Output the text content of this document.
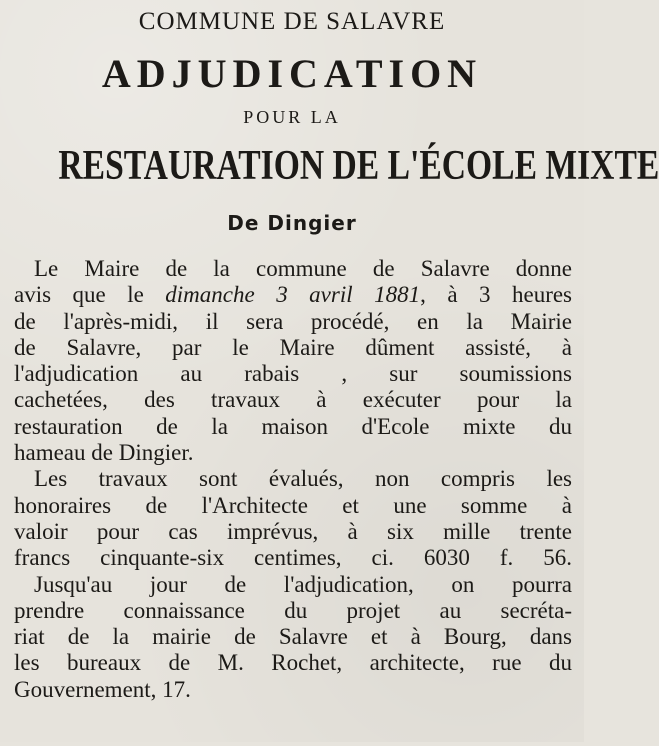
COMMUNE DE SALAVRE
ADJUDICATION
POUR LA
RESTAURATION DE L'ÉCOLE MIXTE
De Dingier
Le Maire de la commune de Salavre donne
avis que le dimanche 3 avril 1881, à 3 heures
de l'après-midi, il sera procédé, en la Mairie
de Salavre, par le Maire dûment assisté, à
l'adjudication au rabais , sur soumissions
cachetées, des travaux à exécuter pour la
restauration de la maison d'Ecole mixte du
hameau de Dingier.
Les travaux sont évalués, non compris les
honoraires de l'Architecte et une somme à
valoir pour cas imprévus, à six mille trente
francs cinquante-six centimes, ci. 6030 f. 56.
Jusqu'au jour de l'adjudication, on pourra
prendre connaissance du projet au secréta-
riat de la mairie de Salavre et à Bourg, dans
les bureaux de M. Rochet, architecte, rue du
Gouvernement, 17.
